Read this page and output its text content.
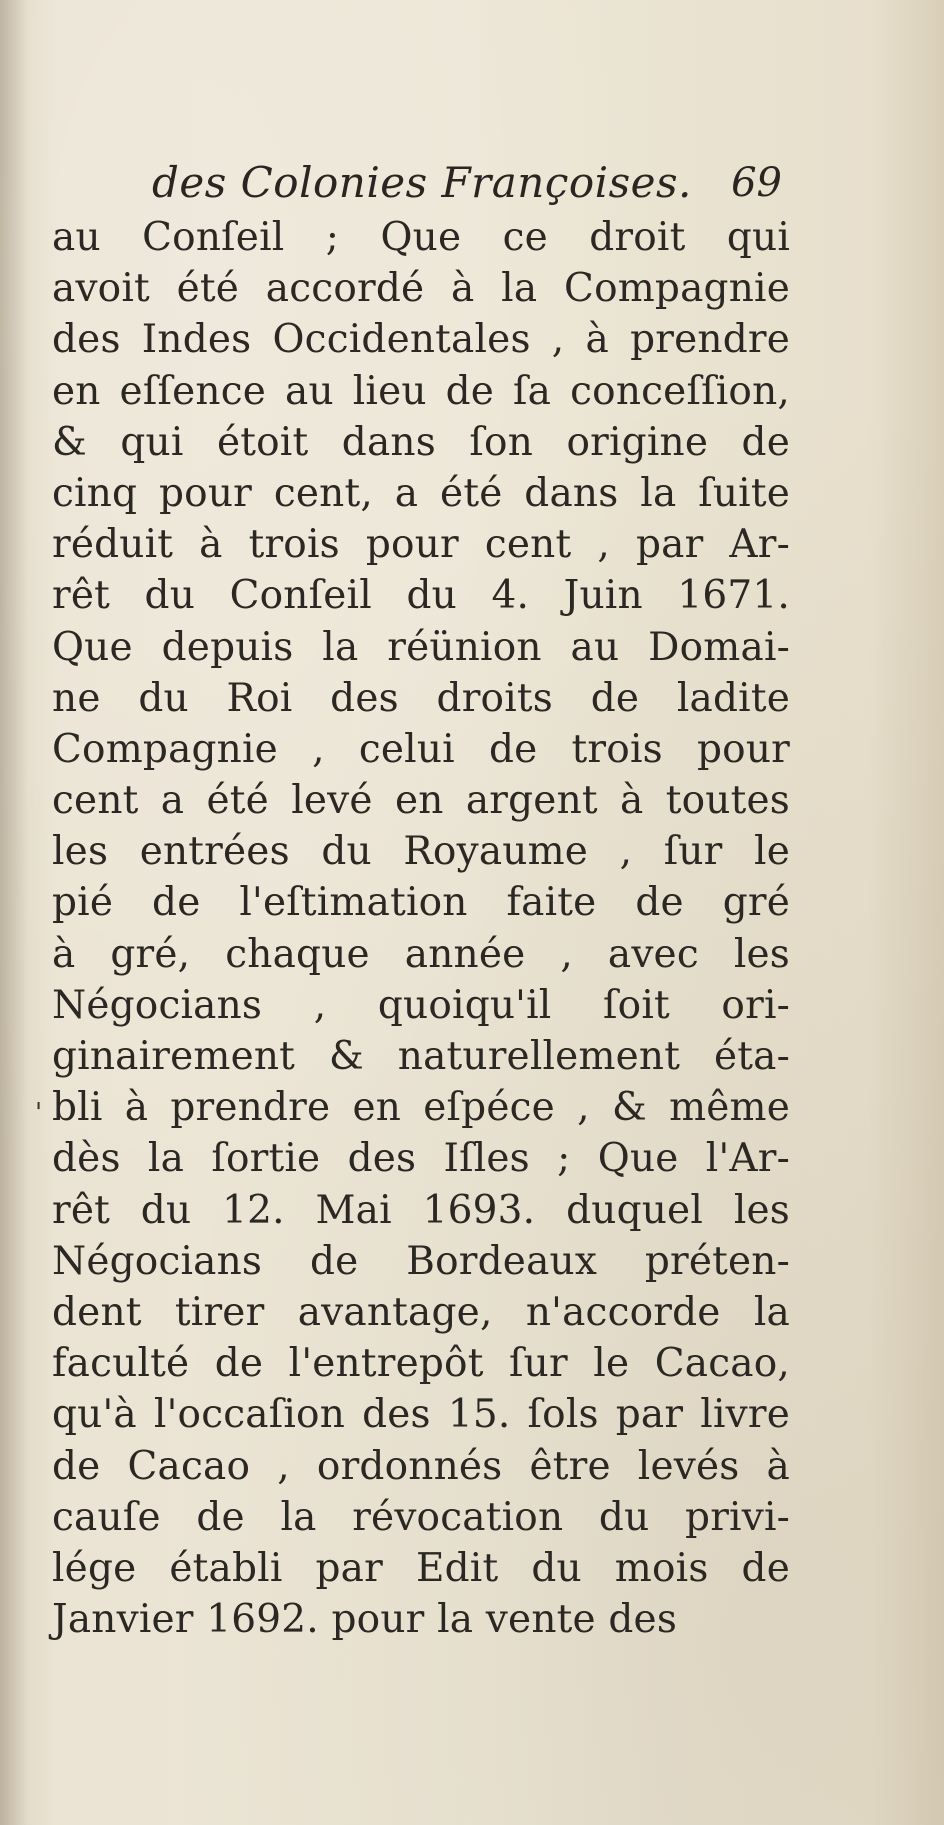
des Colonies Françoises. 69
'
au Conſeil ; Que ce droit qui
avoit été accordé à la Compagnie
des Indes Occidentales , à prendre
en eſſence au lieu de ſa conceſſion,
& qui étoit dans ſon origine de
cinq pour cent, a été dans la ſuite
réduit à trois pour cent , par Ar-
rêt du Conſeil du 4. Juin 1671.
Que depuis la réünion au Domai-
ne du Roi des droits de ladite
Compagnie , celui de trois pour
cent a été levé en argent à toutes
les entrées du Royaume , ſur le
pié de l'eſtimation faite de gré
à gré, chaque année , avec les
Négocians , quoiqu'il ſoit ori-
ginairement & naturellement éta-
bli à prendre en eſpéce , & même
dès la ſortie des Iſles ; Que l'Ar-
rêt du 12. Mai 1693. duquel les
Négocians de Bordeaux préten-
dent tirer avantage, n'accorde la
faculté de l'entrepôt ſur le Cacao,
qu'à l'occaſion des 15. ſols par livre
de Cacao , ordonnés être levés à
cauſe de la révocation du privi-
lége établi par Edit du mois de
Janvier 1692. pour la vente des
